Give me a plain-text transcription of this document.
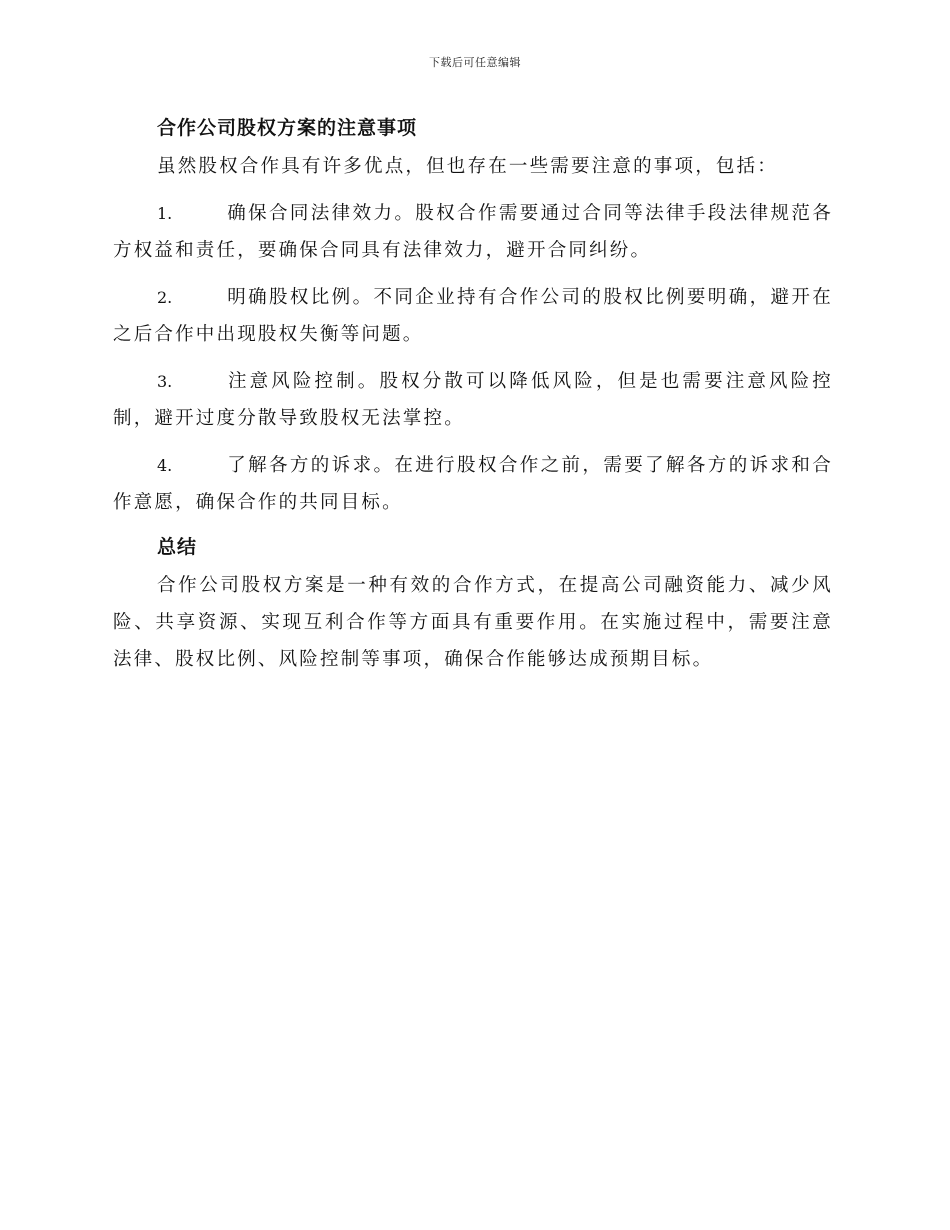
下载后可任意编辑
合作公司股权方案的注意事项

虽然股权合作具有许多优点，但也存在一些需要注意的事项，包括：

1.	确保合同法律效力。股权合作需要通过合同等法律手段法律规范各方权益和责任，要确保合同具有法律效力，避开合同纠纷。
2.	明确股权比例。不同企业持有合作公司的股权比例要明确，避开在之后合作中出现股权失衡等问题。
3.	注意风险控制。股权分散可以降低风险，但是也需要注意风险控制，避开过度分散导致股权无法掌控。
4.	了解各方的诉求。在进行股权合作之前，需要了解各方的诉求和合作意愿，确保合作的共同目标。
总结

合作公司股权方案是一种有效的合作方式，在提高公司融资能力、减少风险、共享资源、实现互利合作等方面具有重要作用。在实施过程中，需要注意法律、股权比例、风险控制等事项，确保合作能够达成预期目标。
